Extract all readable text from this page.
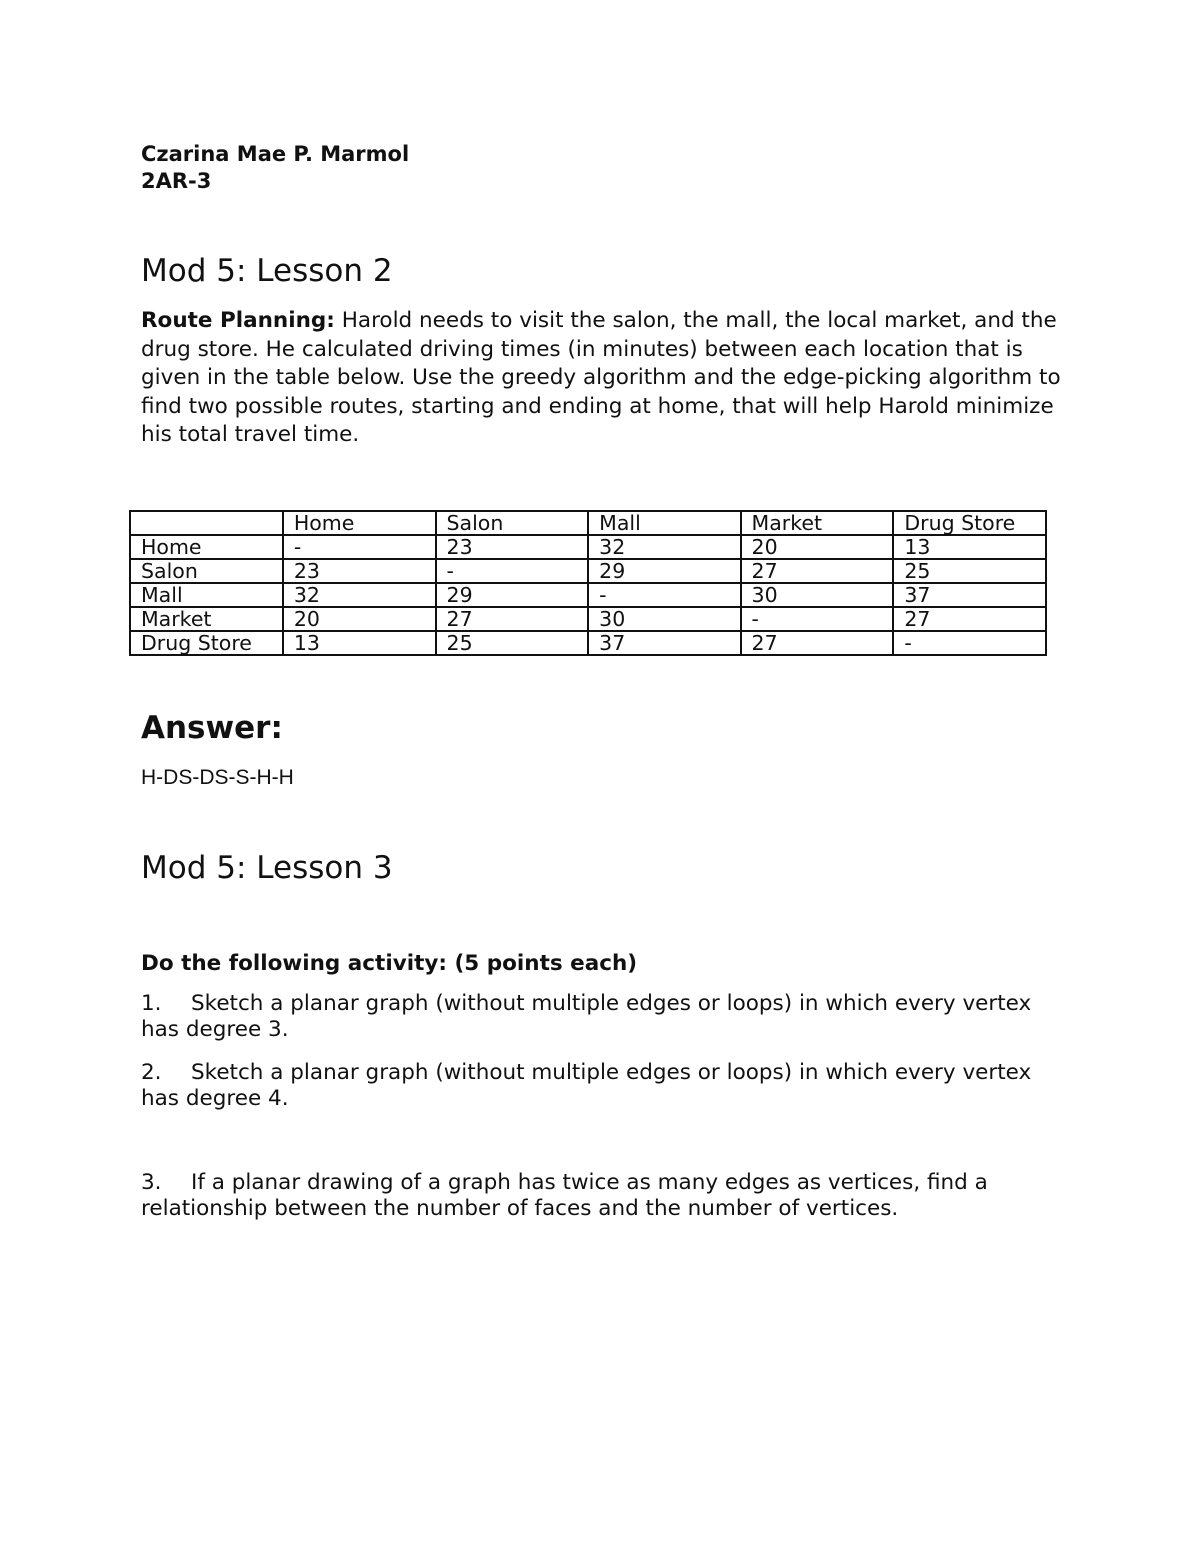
Czarina Mae P. Marmol
2AR-3
Mod 5: Lesson 2
Route Planning: Harold needs to visit the salon, the mall, the local market, and the drug store. He calculated driving times (in minutes) between each location that is given in the table below. Use the greedy algorithm and the edge-picking algorithm to find two possible routes, starting and ending at home, that will help Harold minimize his total travel time.
	Home	Salon	Mall	Market	Drug Store
Home	-	23	32	20	13
Salon	23	-	29	27	25
Mall	32	29	-	30	37
Market	20	27	30	-	27
Drug Store	13	25	37	27	-
Answer:
H-DS-DS-S-H-H
Mod 5: Lesson 3
Do the following activity: (5 points each)
1. Sketch a planar graph (without multiple edges or loops) in which every vertex has degree 3.
2. Sketch a planar graph (without multiple edges or loops) in which every vertex has degree 4.
3. If a planar drawing of a graph has twice as many edges as vertices, find a relationship between the number of faces and the number of vertices.
